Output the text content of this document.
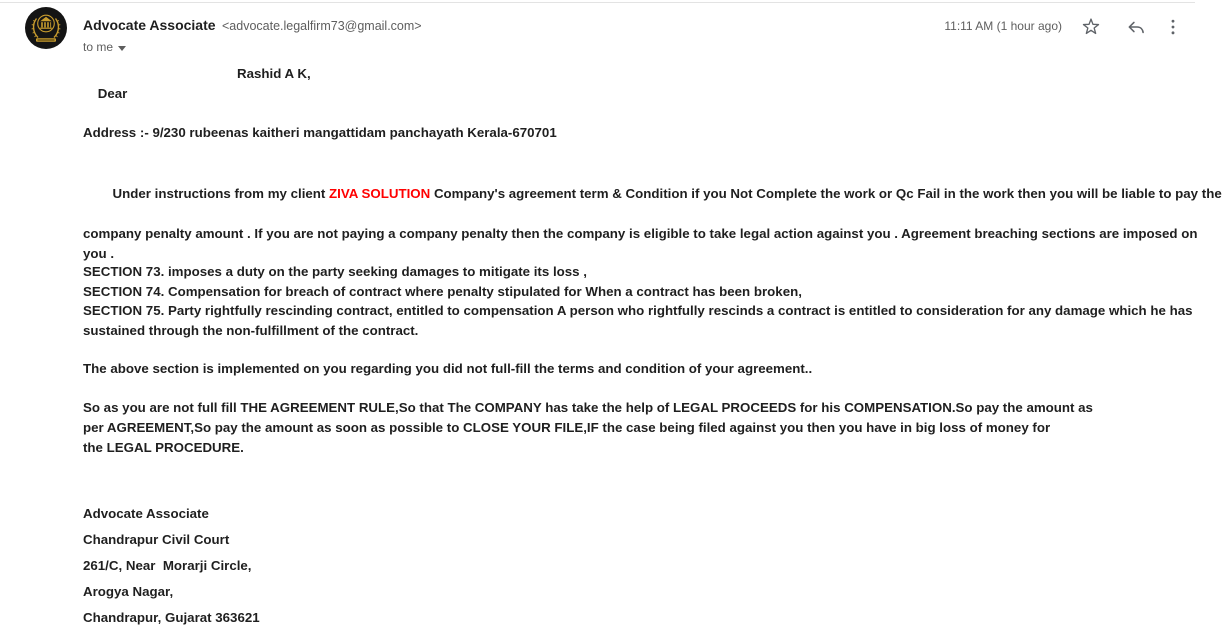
Advocate Associate <advocate.legalfirm73@gmail.com>
to me
11:11 AM (1 hour ago)

Dear

Rashid A K,

Address :- 9/230 rubeenas kaitheri mangattidam panchayath Kerala-670701

Under instructions from my client ZIVA SOLUTION Company's agreement term & Condition if you Not Complete the work or Qc Fail in the work then you will be liable to pay the

company penalty amount . If you are not paying a company penalty then the company is eligible to take legal action against you . Agreement breaching sections are imposed on
you .
SECTION 73. imposes a duty on the party seeking damages to mitigate its loss ,
SECTION 74. Compensation for breach of contract where penalty stipulated for When a contract has been broken,
SECTION 75. Party rightfully rescinding contract, entitled to compensation A person who rightfully rescinds a contract is entitled to consideration for any damage which he has
sustained through the non-fulfillment of the contract.
The above section is implemented on you regarding you did not full-fill the terms and condition of your agreement..
So as you are not full fill THE AGREEMENT RULE,So that The COMPANY has take the help of LEGAL PROCEEDS for his COMPENSATION.So pay the amount as
per AGREEMENT,So pay the amount as soon as possible to CLOSE YOUR FILE,IF the case being filed against you then you have in big loss of money for
the LEGAL PROCEDURE.
Advocate Associate
Chandrapur Civil Court
261/C, Near  Morarji Circle,
Arogya Nagar,
Chandrapur, Gujarat 363621
